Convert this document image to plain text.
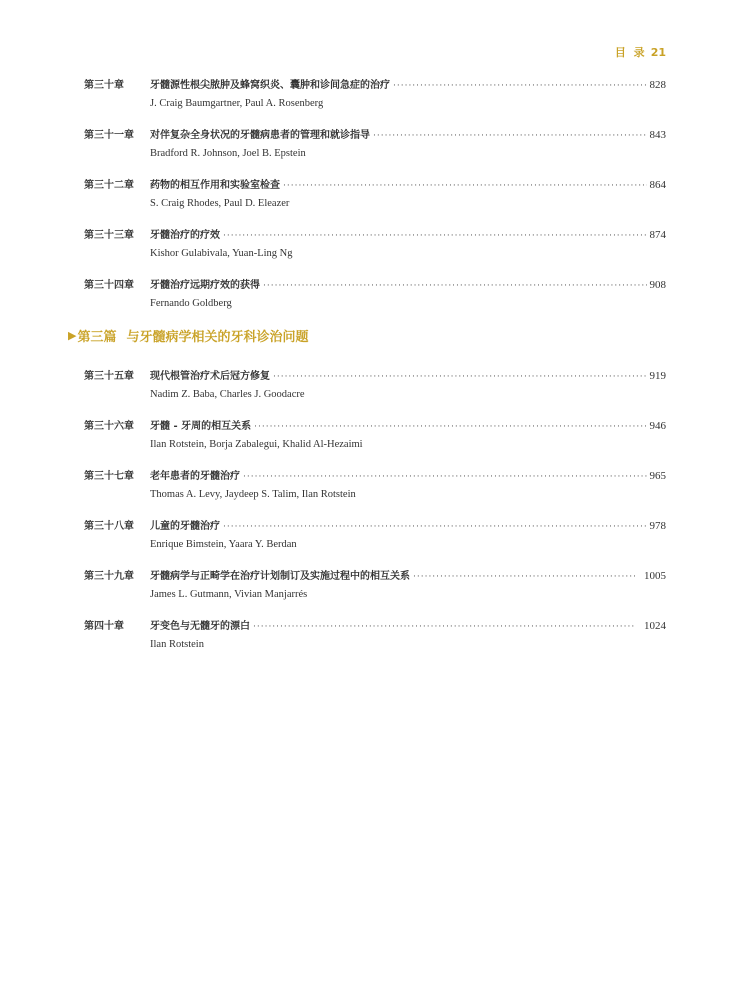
目 录 21
第三十章	牙髓源性根尖脓肿及蜂窝织炎、囊肿和诊间急症的治疗 ·····	828
J. Craig Baumgartner, Paul A. Rosenberg
第三十一章	对伴复杂全身状况的牙髓病患者的管理和就诊指导 ·····	843
Bradford R. Johnson, Joel B. Epstein
第三十二章	药物的相互作用和实验室检查 ·····	864
S. Craig Rhodes, Paul D. Eleazer
第三十三章	牙髓治疗的疗效 ·····	874
Kishor Gulabivala, Yuan-Ling Ng
第三十四章	牙髓治疗远期疗效的获得 ·····	908
Fernando Goldberg
▶ 第三篇 与牙髓病学相关的牙科诊治问题
第三十五章	现代根管治疗术后冠方修复 ·····	919
Nadim Z. Baba, Charles J. Goodacre
第三十六章	牙髓 - 牙周的相互关系 ·····	946
Ilan Rotstein, Borja Zabalegui, Khalid Al-Hezaimi
第三十七章	老年患者的牙髓治疗 ·····	965
Thomas A. Levy, Jaydeep S. Talim, Ilan Rotstein
第三十八章	儿童的牙髓治疗 ·····	978
Enrique Bimstein, Yaara Y. Berdan
第三十九章	牙髓病学与正畸学在治疗计划制订及实施过程中的相互关系 ·····	1005
James L. Gutmann, Vivian Manjarrés
第四十章	牙变色与无髓牙的漂白 ·····	1024
Ilan Rotstein
